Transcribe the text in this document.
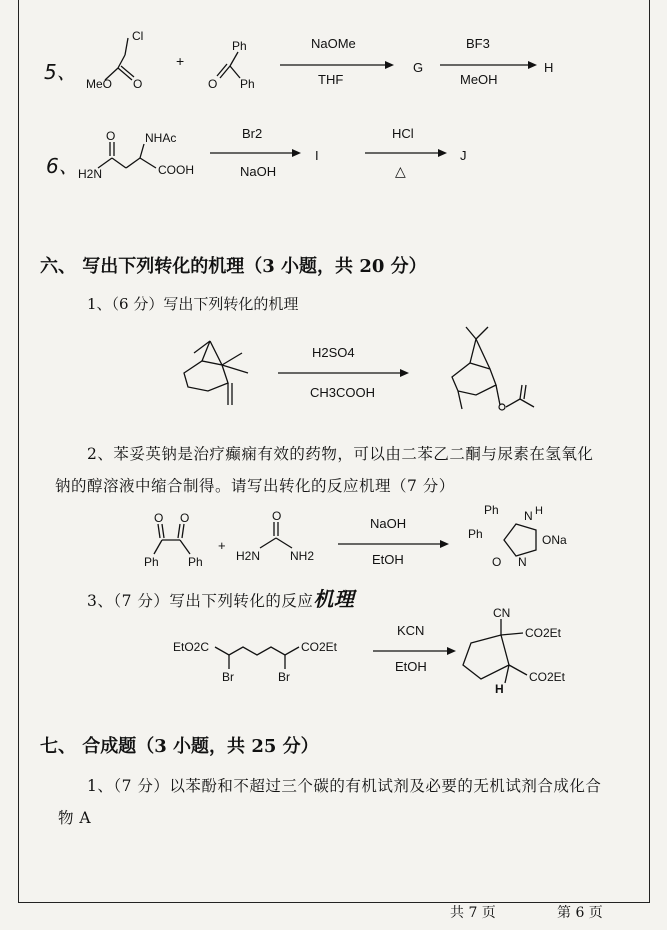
5、
Cl
MeO O
+
Ph
O Ph
NaOMe
THF
G
BF3
MeOH
H
6、
O NHAc
H2N	COOH
Br2
NaOH
I
HCl
△
J
六、 写出下列转化的机理（3 小题，共 20 分）
1、（6 分）写出下列转化的机理
H2SO4
CH3COOH
2、苯妥英钠是治疗癫痫有效的药物，可以由二苯乙二酮与尿素在氢氧化
钠的醇溶液中缩合制得。请写出转化的反应机理（7 分）
O O
Ph Ph
+
O
H2N NH2
NaOH
EtOH
Ph
Ph
N H
ONa
N
O
3、（7 分）写出下列转化的反应机理
EtO2C	CO2Et
Br	Br
KCN
EtOH
CN
CO2Et
CO2Et
H
七、 合成题（3 小题，共 25 分）
1、（7 分）以苯酚和不超过三个碳的有机试剂及必要的无机试剂合成化合
物 A
共 7 页	第 6 页
